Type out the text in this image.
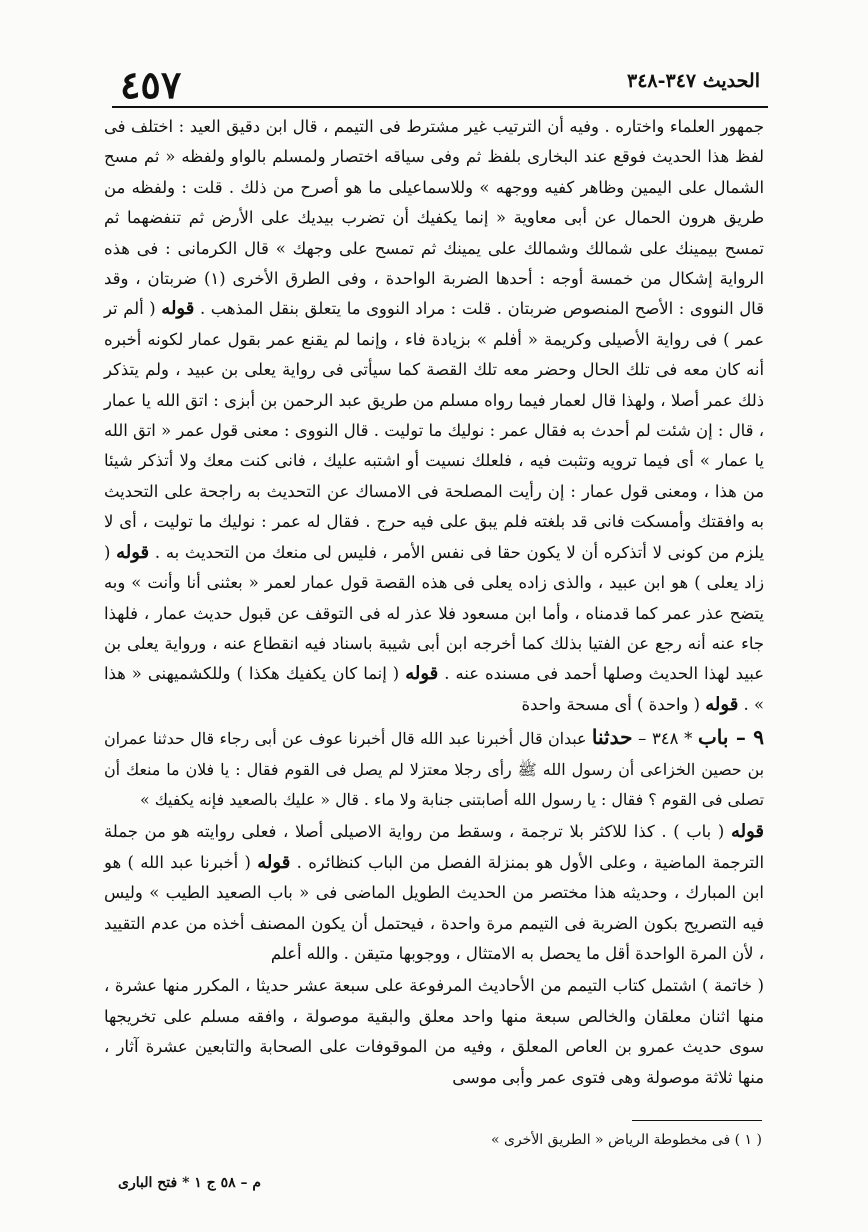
٤٥٧	الحديث ٣٤٧-٣٤٨

جمهور العلماء واختاره . وفيه أن الترتيب غير مشترط فى التيمم ، قال ابن دقيق العيد : اختلف فى لفظ هذا الحديث فوقع عند البخارى بلفظ ثم وفى سياقه اختصار ولمسلم بالواو ولفظه « ثم مسح الشمال على اليمين وظاهر كفيه ووجهه » وللاسماعيلى ما هو أصرح من ذلك . قلت : ولفظه من طريق هرون الحمال عن أبى معاوية « إنما يكفيك أن تضرب بيديك على الأرض ثم تنفضهما ثم تمسح بيمينك على شمالك وشمالك على يمينك ثم تمسح على وجهك » قال الكرمانى : فى هذه الرواية إشكال من خمسة أوجه : أحدها الضربة الواحدة ، وفى الطرق الأخرى (١) ضربتان ، وقد قال النووى : الأصح المنصوص ضربتان . قلت : مراد النووى ما يتعلق بنقل المذهب . قوله ( ألم تر عمر ) فى رواية الأصيلى وكريمة « أفلم » بزيادة فاء ، وإنما لم يقنع عمر بقول عمار لكونه أخبره أنه كان معه فى تلك الحال وحضر معه تلك القصة كما سيأتى فى رواية يعلى بن عبيد ، ولم يتذكر ذلك عمر أصلا ، ولهذا قال لعمار فيما رواه مسلم من طريق عبد الرحمن بن أبزى : اتق الله يا عمار ، قال : إن شئت لم أحدث به فقال عمر : نوليك ما توليت . قال النووى : معنى قول عمر « اتق الله يا عمار » أى فيما ترويه وتثبت فيه ، فلعلك نسيت أو اشتبه عليك ، فانى كنت معك ولا أتذكر شيئا من هذا ، ومعنى قول عمار : إن رأيت المصلحة فى الامساك عن التحديث به راجحة على التحديث به وافقتك وأمسكت فانى قد بلغته فلم يبق على فيه حرج . فقال له عمر : نوليك ما توليت ، أى لا يلزم من كونى لا أتذكره أن لا يكون حقا فى نفس الأمر ، فليس لى منعك من التحديث به . قوله ( زاد يعلى ) هو ابن عبيد ، والذى زاده يعلى فى هذه القصة قول عمار لعمر « بعثنى أنا وأنت » وبه يتضح عذر عمر كما قدمناه ، وأما ابن مسعود فلا عذر له فى التوقف عن قبول حديث عمار ، فلهذا جاء عنه أنه رجع عن الفتيا بذلك كما أخرجه ابن أبى شيبة باسناد فيه انقطاع عنه ، ورواية يعلى بن عبيد لهذا الحديث وصلها أحمد فى مسنده عنه . قوله ( إنما كان يكفيك هكذا ) وللكشميهنى « هذا » . قوله ( واحدة ) أى مسحة واحدة

٩ – باب * ٣٤٨ – حدثنا عبدان قال أخبرنا عبد الله قال أخبرنا عوف عن أبى رجاء قال حدثنا عمران بن حصين الخزاعى أن رسول الله ﷺ رأى رجلا معتزلا لم يصل فى القوم فقال : يا فلان ما منعك أن تصلى فى القوم ؟ فقال : يا رسول الله أصابتنى جنابة ولا ماء . قال « عليك بالصعيد فإنه يكفيك »

قوله ( باب ) . كذا للاكثر بلا ترجمة ، وسقط من رواية الاصيلى أصلا ، فعلى روايته هو من جملة الترجمة الماضية ، وعلى الأول هو بمنزلة الفصل من الباب كنظائره . قوله ( أخبرنا عبد الله ) هو ابن المبارك ، وحديثه هذا مختصر من الحديث الطويل الماضى فى « باب الصعيد الطيب » وليس فيه التصريح بكون الضربة فى التيمم مرة واحدة ، فيحتمل أن يكون المصنف أخذه من عدم التقييد ، لأن المرة الواحدة أقل ما يحصل به الامتثال ، ووجوبها متيقن . والله أعلم

( خاتمة ) اشتمل كتاب التيمم من الأحاديث المرفوعة على سبعة عشر حديثا ، المكرر منها عشرة ، منها اثنان معلقان والخالص سبعة منها واحد معلق والبقية موصولة ، وافقه مسلم على تخريجها سوى حديث عمرو بن العاص المعلق ، وفيه من الموقوفات على الصحابة والتابعين عشرة آثار ، منها ثلاثة موصولة وهى فتوى عمر وأبى موسى

( ١ ) فى مخطوطة الرياض « الطريق الأخرى »
م – ٥٨ ج ١ * فتح البارى
